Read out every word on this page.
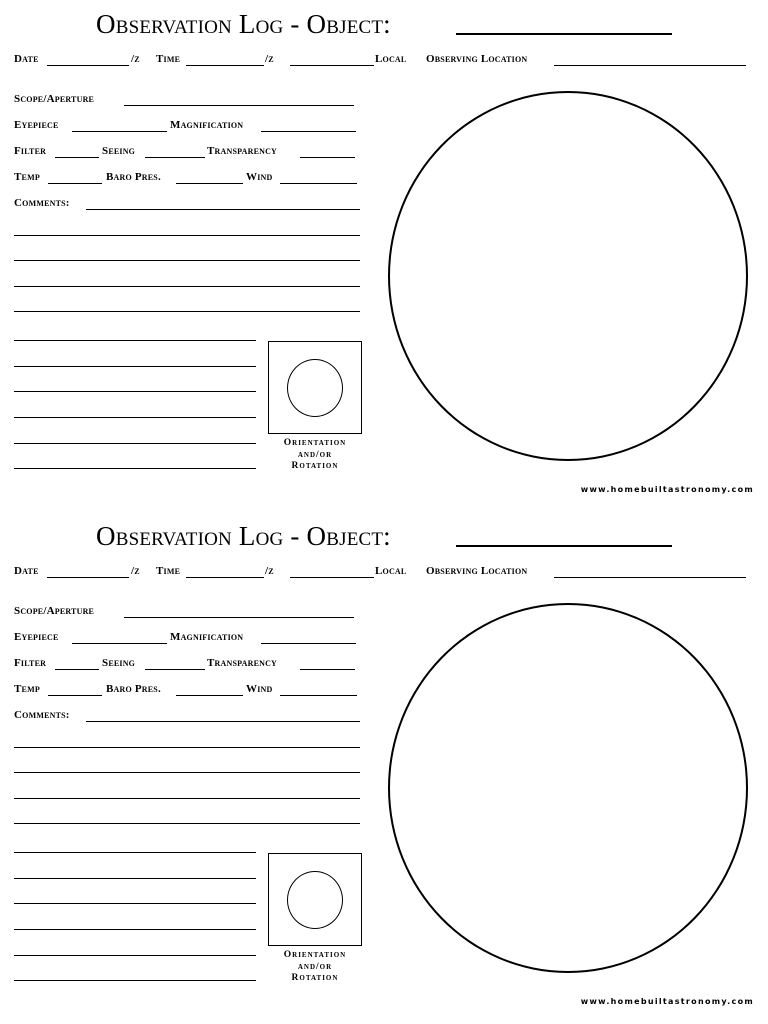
Observation Log - Object:
Date	/z Time	/z	Local Observing Location
Scope/Aperture
Eyepiece	Magnification
Filter	Seeing	Transparency
Temp	Baro Pres.	Wind
Comments:
Orientation
and/or
Rotation
www.homebuiltastronomy.com
Observation Log - Object:
Date	/z Time	/z	Local Observing Location
Scope/Aperture
Eyepiece	Magnification
Filter	Seeing	Transparency
Temp	Baro Pres.	Wind
Comments:
Orientation
and/or
Rotation
www.homebuiltastronomy.com
